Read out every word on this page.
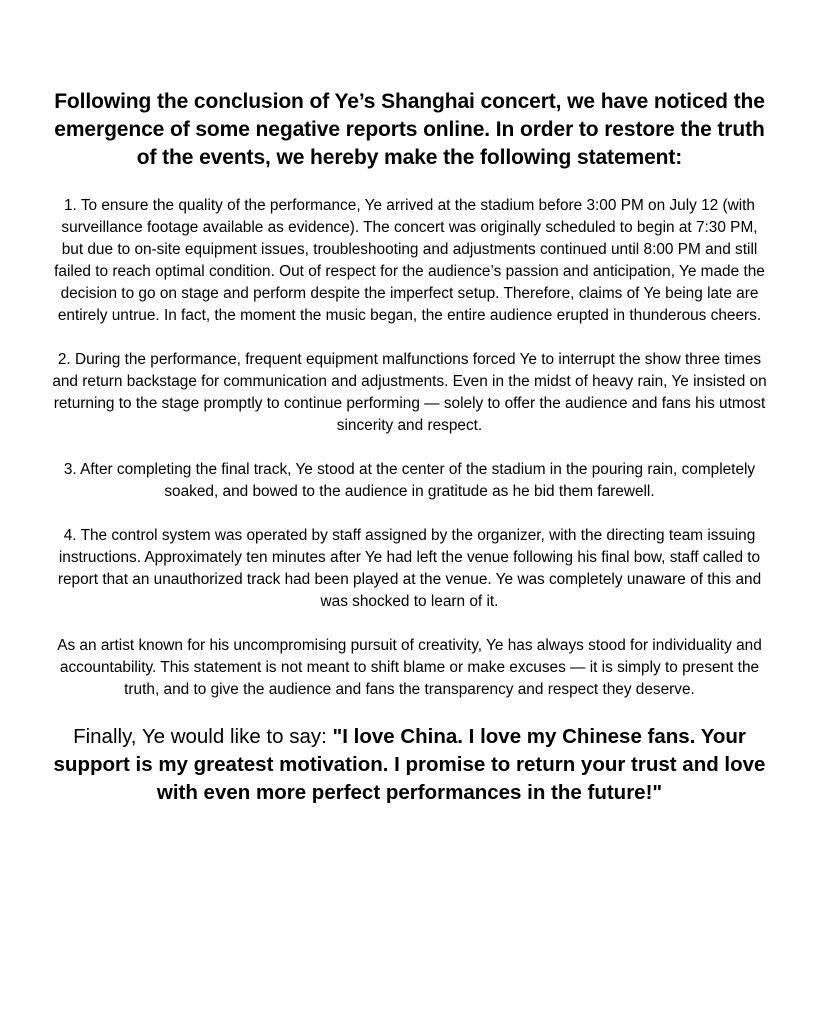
Following the conclusion of Ye’s Shanghai concert, we have noticed the emergence of some negative reports online. In order to restore the truth of the events, we hereby make the following statement:

1. To ensure the quality of the performance, Ye arrived at the stadium before 3:00 PM on July 12 (with surveillance footage available as evidence). The concert was originally scheduled to begin at 7:30 PM, but due to on-site equipment issues, troubleshooting and adjustments continued until 8:00 PM and still failed to reach optimal condition. Out of respect for the audience’s passion and anticipation, Ye made the decision to go on stage and perform despite the imperfect setup. Therefore, claims of Ye being late are entirely untrue. In fact, the moment the music began, the entire audience erupted in thunderous cheers.

2. During the performance, frequent equipment malfunctions forced Ye to interrupt the show three times and return backstage for communication and adjustments. Even in the midst of heavy rain, Ye insisted on returning to the stage promptly to continue performing — solely to offer the audience and fans his utmost sincerity and respect.

3. After completing the final track, Ye stood at the center of the stadium in the pouring rain, completely soaked, and bowed to the audience in gratitude as he bid them farewell.

4. The control system was operated by staff assigned by the organizer, with the directing team issuing instructions. Approximately ten minutes after Ye had left the venue following his final bow, staff called to report that an unauthorized track had been played at the venue. Ye was completely unaware of this and was shocked to learn of it.

As an artist known for his uncompromising pursuit of creativity, Ye has always stood for individuality and accountability. This statement is not meant to shift blame or make excuses — it is simply to present the truth, and to give the audience and fans the transparency and respect they deserve.

Finally, Ye would like to say: "I love China. I love my Chinese fans. Your support is my greatest motivation. I promise to return your trust and love with even more perfect performances in the future!"
